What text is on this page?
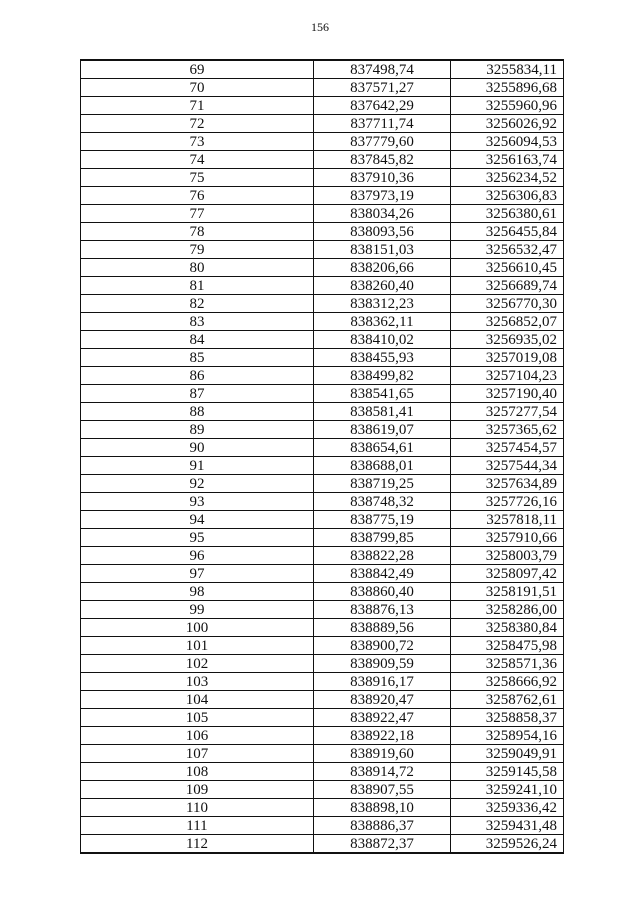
156
69	837498,74	3255834,11
70	837571,27	3255896,68
71	837642,29	3255960,96
72	837711,74	3256026,92
73	837779,60	3256094,53
74	837845,82	3256163,74
75	837910,36	3256234,52
76	837973,19	3256306,83
77	838034,26	3256380,61
78	838093,56	3256455,84
79	838151,03	3256532,47
80	838206,66	3256610,45
81	838260,40	3256689,74
82	838312,23	3256770,30
83	838362,11	3256852,07
84	838410,02	3256935,02
85	838455,93	3257019,08
86	838499,82	3257104,23
87	838541,65	3257190,40
88	838581,41	3257277,54
89	838619,07	3257365,62
90	838654,61	3257454,57
91	838688,01	3257544,34
92	838719,25	3257634,89
93	838748,32	3257726,16
94	838775,19	3257818,11
95	838799,85	3257910,66
96	838822,28	3258003,79
97	838842,49	3258097,42
98	838860,40	3258191,51
99	838876,13	3258286,00
100	838889,56	3258380,84
101	838900,72	3258475,98
102	838909,59	3258571,36
103	838916,17	3258666,92
104	838920,47	3258762,61
105	838922,47	3258858,37
106	838922,18	3258954,16
107	838919,60	3259049,91
108	838914,72	3259145,58
109	838907,55	3259241,10
110	838898,10	3259336,42
111	838886,37	3259431,48
112	838872,37	3259526,24
